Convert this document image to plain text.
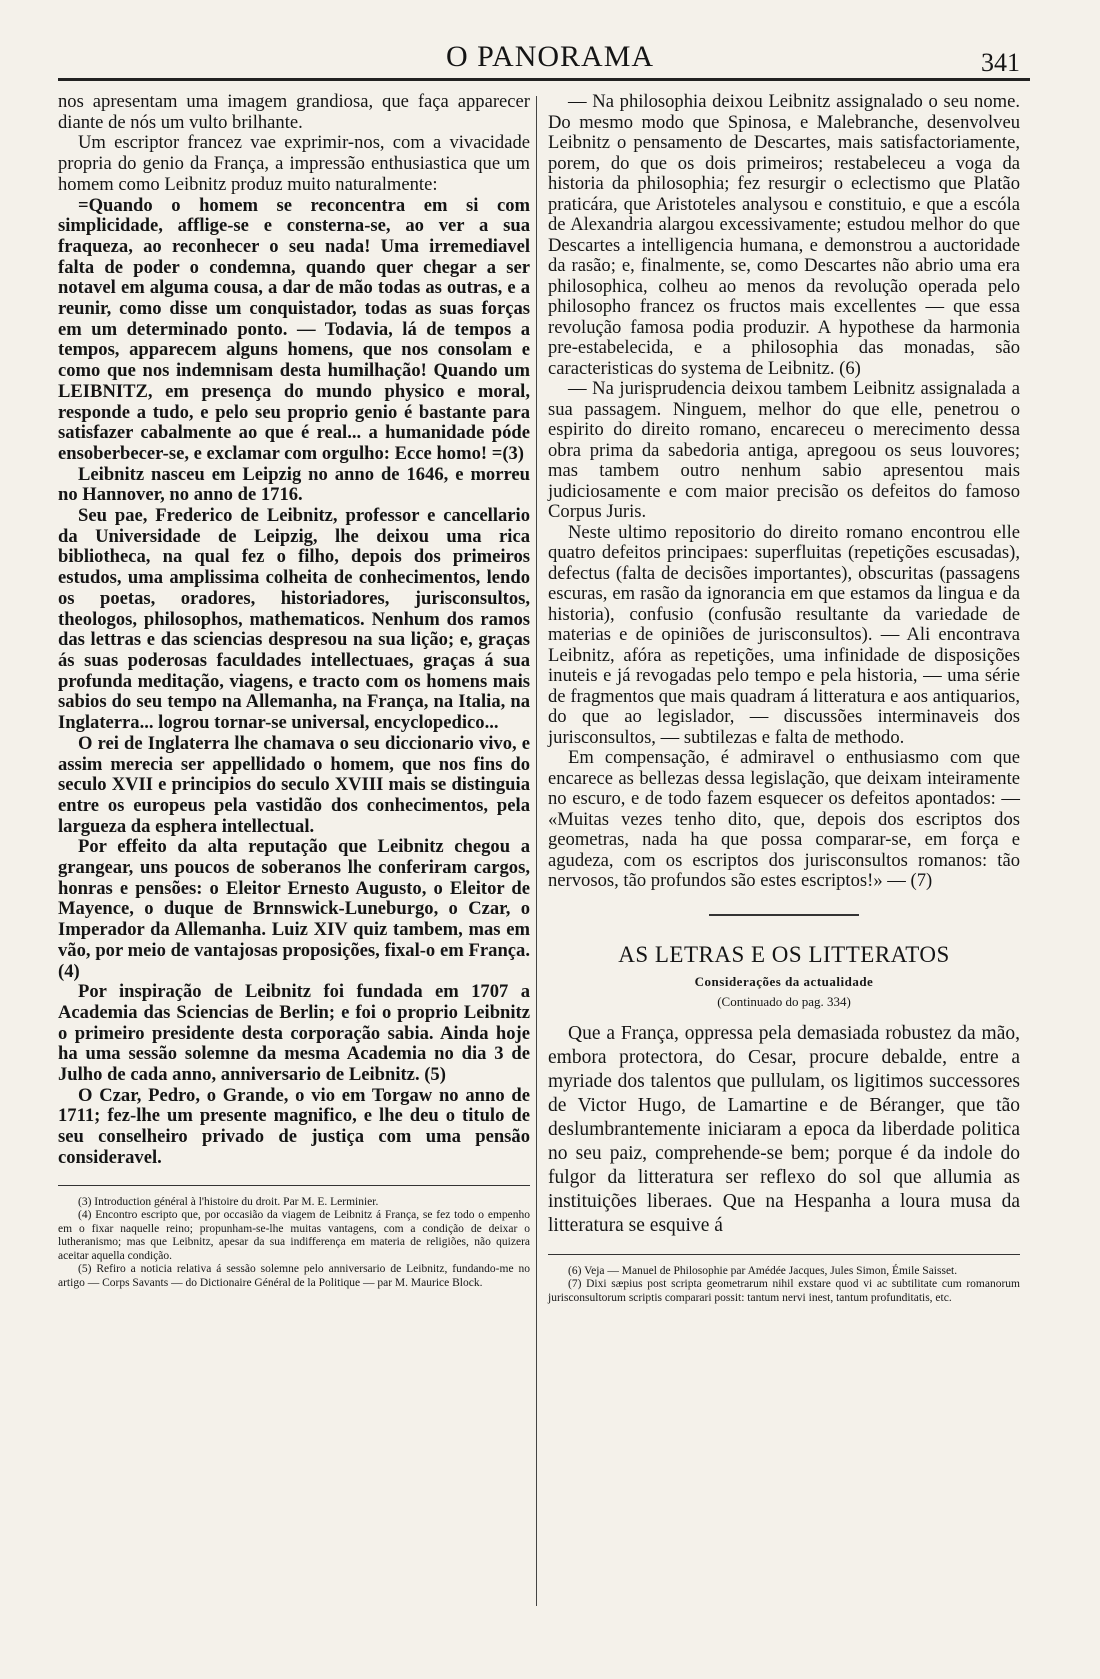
O PANORAMA	341

nos apresentam uma imagem grandiosa, que faça apparecer diante de nós um vulto brilhante.

Um escriptor francez vae exprimir-nos, com a vivacidade propria do genio da França, a impressão enthusiastica que um homem como Leibnitz produz muito naturalmente:

=Quando o homem se reconcentra em si com simplicidade, afflige-se e consterna-se, ao ver a sua fraqueza, ao reconhecer o seu nada! Uma irremediavel falta de poder o condemna, quando quer chegar a ser notavel em alguma cousa, a dar de mão todas as outras, e a reunir, como disse um conquistador, todas as suas forças em um determinado ponto. — Todavia, lá de tempos a tempos, apparecem alguns homens, que nos consolam e como que nos indemnisam desta humilhação! Quando um LEIBNITZ, em presença do mundo physico e moral, responde a tudo, e pelo seu proprio genio é bastante para satisfazer cabalmente ao que é real... a humanidade póde ensoberbecer-se, e exclamar com orgulho: Ecce homo! =(3)

Leibnitz nasceu em Leipzig no anno de 1646, e morreu no Hannover, no anno de 1716.

Seu pae, Frederico de Leibnitz, professor e cancellario da Universidade de Leipzig, lhe deixou uma rica bibliotheca, na qual fez o filho, depois dos primeiros estudos, uma amplissima colheita de conhecimentos, lendo os poetas, oradores, historiadores, jurisconsultos, theologos, philosophos, mathematicos. Nenhum dos ramos das lettras e das sciencias despresou na sua lição; e, graças ás suas poderosas faculdades intellectuaes, graças á sua profunda meditação, viagens, e tracto com os homens mais sabios do seu tempo na Allemanha, na França, na Italia, na Inglaterra... logrou tornar-se universal, encyclopedico...

O rei de Inglaterra lhe chamava o seu diccionario vivo, e assim merecia ser appellidado o homem, que nos fins do seculo XVII e principios do seculo XVIII mais se distinguia entre os europeus pela vastidão dos conhecimentos, pela largueza da esphera intellectual.

Por effeito da alta reputação que Leibnitz chegou a grangear, uns poucos de soberanos lhe conferiram cargos, honras e pensões: o Eleitor Ernesto Augusto, o Eleitor de Mayence, o duque de Brnnswick-Luneburgo, o Czar, o Imperador da Allemanha. Luiz XIV quiz tambem, mas em vão, por meio de vantajosas proposições, fixal-o em França. (4)

Por inspiração de Leibnitz foi fundada em 1707 a Academia das Sciencias de Berlin; e foi o proprio Leibnitz o primeiro presidente desta corporação sabia. Ainda hoje ha uma sessão solemne da mesma Academia no dia 3 de Julho de cada anno, anniversario de Leibnitz. (5)

O Czar, Pedro, o Grande, o vio em Torgaw no anno de 1711; fez-lhe um presente magnifico, e lhe deu o titulo de seu conselheiro privado de justiça com uma pensão consideravel.

(3) Introduction général à l'histoire du droit. Par M. E. Lerminier.

(4) Encontro escripto que, por occasião da viagem de Leibnitz á França, se fez todo o empenho em o fixar naquelle reino; propunham-se-lhe muitas vantagens, com a condição de deixar o lutheranismo; mas que Leibnitz, apesar da sua indifferença em materia de religiões, não quizera aceitar aquella condição.

(5) Refiro a noticia relativa á sessão solemne pelo anniversario de Leibnitz, fundando-me no artigo — Corps Savants — do Dictionaire Général de la Politique — par M. Maurice Block.

— Na philosophia deixou Leibnitz assignalado o seu nome. Do mesmo modo que Spinosa, e Malebranche, desenvolveu Leibnitz o pensamento de Descartes, mais satisfactoriamente, porem, do que os dois primeiros; restabeleceu a voga da historia da philosophia; fez resurgir o eclectismo que Platão praticára, que Aristoteles analysou e constituio, e que a escóla de Alexandria alargou excessivamente; estudou melhor do que Descartes a intelligencia humana, e demonstrou a auctoridade da rasão; e, finalmente, se, como Descartes não abrio uma era philosophica, colheu ao menos da revolução operada pelo philosopho francez os fructos mais excellentes — que essa revolução famosa podia produzir. A hypothese da harmonia pre-estabelecida, e a philosophia das monadas, são caracteristicas do systema de Leibnitz. (6)

— Na jurisprudencia deixou tambem Leibnitz assignalada a sua passagem. Ninguem, melhor do que elle, penetrou o espirito do direito romano, encareceu o merecimento dessa obra prima da sabedoria antiga, apregoou os seus louvores; mas tambem outro nenhum sabio apresentou mais judiciosamente e com maior precisão os defeitos do famoso Corpus Juris.

Neste ultimo repositorio do direito romano encontrou elle quatro defeitos principaes: superfluitas (repetições escusadas), defectus (falta de decisões importantes), obscuritas (passagens escuras, em rasão da ignorancia em que estamos da lingua e da historia), confusio (confusão resultante da variedade de materias e de opiniões de jurisconsultos). — Ali encontrava Leibnitz, afóra as repetições, uma infinidade de disposições inuteis e já revogadas pelo tempo e pela historia, — uma série de fragmentos que mais quadram á litteratura e aos antiquarios, do que ao legislador, — discussões interminaveis dos jurisconsultos, — subtilezas e falta de methodo.

Em compensação, é admiravel o enthusiasmo com que encarece as bellezas dessa legislação, que deixam inteiramente no escuro, e de todo fazem esquecer os defeitos apontados: — «Muitas vezes tenho dito, que, depois dos escriptos dos geometras, nada ha que possa comparar-se, em força e agudeza, com os escriptos dos jurisconsultos romanos: tão nervosos, tão profundos são estes escriptos!» — (7)

AS LETRAS E OS LITTERATOS
Considerações da actualidade
(Continuado do pag. 334)

Que a França, oppressa pela demasiada robustez da mão, embora protectora, do Cesar, procure debalde, entre a myriade dos talentos que pullulam, os ligitimos successores de Victor Hugo, de Lamartine e de Béranger, que tão deslumbrantemente iniciaram a epoca da liberdade politica no seu paiz, comprehende-se bem; porque é da indole do fulgor da litteratura ser reflexo do sol que allumia as instituições liberaes. Que na Hespanha a loura musa da litteratura se esquive á

(6) Veja — Manuel de Philosophie par Amédée Jacques, Jules Simon, Émile Saisset.

(7) Dixi sæpius post scripta geometrarum nihil exstare quod vi ac subtilitate cum romanorum jurisconsultorum scriptis comparari possit: tantum nervi inest, tantum profunditatis, etc.
